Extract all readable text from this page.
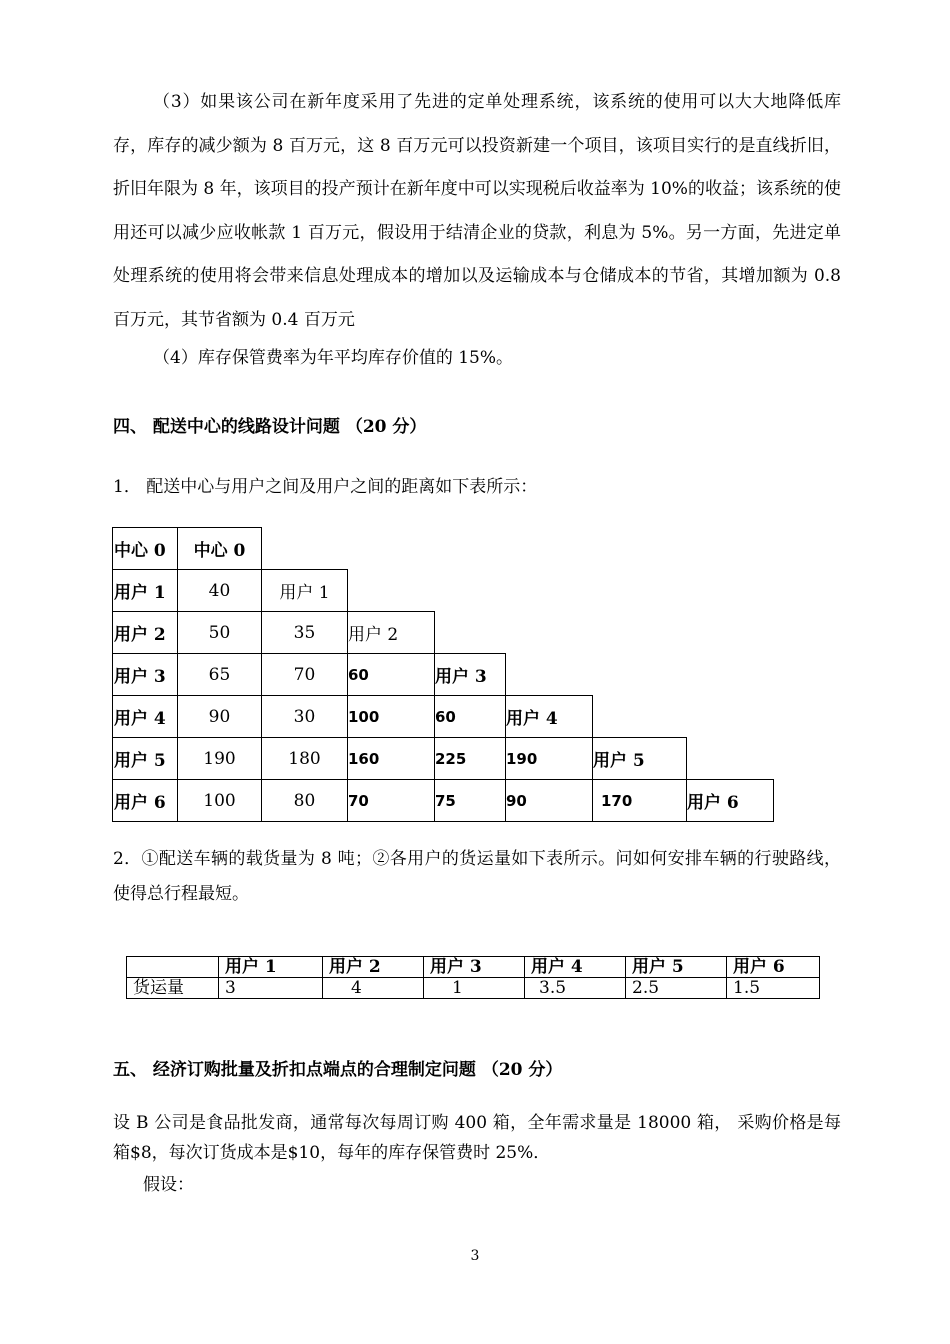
（3）如果该公司在新年度采用了先进的定单处理系统，该系统的使用可以大大地降低库存，库存的减少额为 8 百万元，这 8 百万元可以投资新建一个项目，该项目实行的是直线折旧，折旧年限为 8 年，该项目的投产预计在新年度中可以实现税后收益率为 10%的收益；该系统的使用还可以减少应收帐款 1 百万元，假设用于结清企业的贷款，利息为 5%。另一方面，先进定单处理系统的使用将会带来信息处理成本的增加以及运输成本与仓储成本的节省，其增加额为 0.8 百万元，其节省额为 0.4 百万元

（4）库存保管费率为年平均库存价值的 15%。

四、 配送中心的线路设计问题 （20 分）

1． 配送中心与用户之间及用户之间的距离如下表所示：

中心 0	中心 0						
用户 1	40	用户 1					
用户 2	50	35	用户 2				
用户 3	65	70	60	用户 3			
用户 4	90	30	100	60	用户 4		
用户 5	190	180	160	225	190	用户 5	
用户 6	100	80	70	75	90	170	用户 6

2．①配送车辆的载货量为 8 吨；②各用户的货运量如下表所示。问如何安排车辆的行驶路线，使得总行程最短。

	用户 1	用户 2	用户 3	用户 4	用户 5	用户 6
货运量	3	4	1	3.5	2.5	1.5

五、 经济订购批量及折扣点端点的合理制定问题 （20 分）

设 B 公司是食品批发商，通常每次每周订购 400 箱，全年需求量是 18000 箱， 采购价格是每箱$8，每次订货成本是$10，每年的库存保管费时 25%．

假设：

3
